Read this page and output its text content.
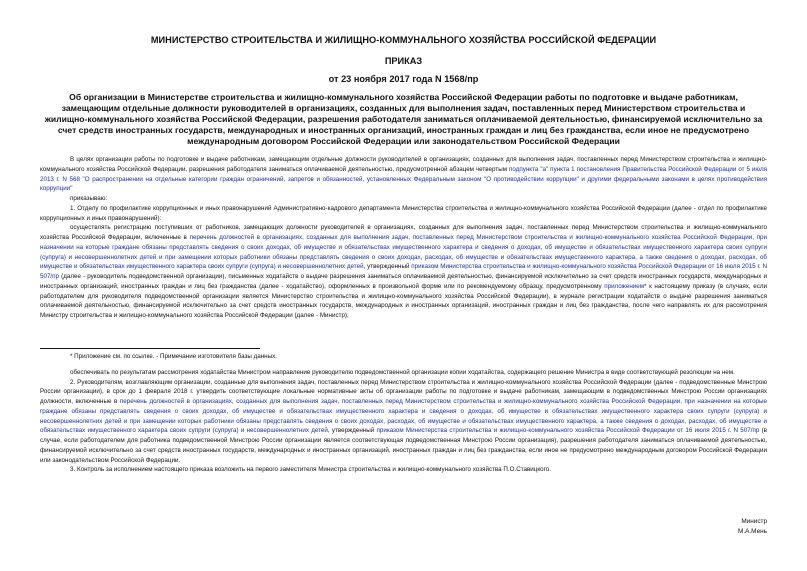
МИНИСТЕРСТВО СТРОИТЕЛЬСТВА И ЖИЛИЩНО-КОММУНАЛЬНОГО ХОЗЯЙСТВА РОССИЙСКОЙ ФЕДЕРАЦИИ
ПРИКАЗ
от 23 ноября 2017 года N 1568/пр
Об организации в Министерстве строительства и жилищно-коммунального хозяйства Российской Федерации работы по подготовке и выдаче работникам, замещающим отдельные должности руководителей в организациях, созданных для выполнения задач, поставленных перед Министерством строительства и жилищно-коммунального хозяйства Российской Федерации, разрешения работодателя заниматься оплачиваемой деятельностью, финансируемой исключительно за счет средств иностранных государств, международных и иностранных организаций, иностранных граждан и лиц без гражданства, если иное не предусмотрено международным договором Российской Федерации или законодательством Российской Федерации

В целях организации работы по подготовке и выдаче работникам, замещающим отдельные должности руководителей в организациях, созданных для выполнения задач, поставленных перед Министерством строительства и жилищно-коммунального хозяйства Российской Федерации, разрешения работодателя заниматься оплачиваемой деятельностью, предусмотренной абзацем четвертым подпункта "а" пункта 1 постановления Правительства Российской Федерации от 5 июля 2013 г. N 568 "О распространении на отдельные категории граждан ограничений, запретов и обязанностей, установленных Федеральным законом "О противодействии коррупции" и другими федеральными законами в целях противодействия коррупции"

приказываю:

1. Отделу по профилактике коррупционных и иных правонарушений Административно-кадрового департамента Министерства строительства и жилищно-коммунального хозяйства Российской Федерации (далее - отдел по профилактике коррупционных и иных правонарушений):

осуществлять регистрацию поступивших от работников, замещающих должности руководителей в организациях, созданных для выполнения задач, поставленных перед Министерством строительства и жилищно-коммунального хозяйства Российской Федерации, включенные в перечень должностей в организациях, созданных для выполнения задач, поставленных перед Министерством строительства и жилищно-коммунального хозяйства Российской Федерации, при назначении на которые граждане обязаны представлять сведения о своих доходах, об имуществе и обязательствах имущественного характера и сведения о доходах, об имуществе и обязательствах имущественного характера своих супруги (супруга) и несовершеннолетних детей и при замещении которых работники обязаны представлять сведения о своих доходах, расходах, об имуществе и обязательствах имущественного характера, а также сведения о доходах, расходах, об имуществе и обязательствах имущественного характера своих супруги (супруга) и несовершеннолетних детей, утвержденный приказом Министерства строительства и жилищно-коммунального хозяйства Российской Федерации от 16 июля 2015 г. N 507/пр (далее - руководитель подведомственной организации), письменных ходатайств о выдаче разрешения заниматься оплачиваемой деятельностью, финансируемой исключительно за счет средств иностранных государств, международных и иностранных организаций, иностранных граждан и лиц без гражданства (далее - ходатайство), оформленных в произвольной форме или по рекомендуемому образцу, предусмотренному приложением* к настоящему приказу (в случаях, если работодателем для руководителя подведомственной организации является Министерство строительства и жилищно-коммунального хозяйства Российской Федерации), в журнале регистрации ходатайств о выдаче разрешения заниматься оплачиваемой деятельностью, финансируемой исключительно за счет средств иностранных государств, международных и иностранных организаций, иностранных граждан и лиц без гражданства, после чего направлять их для рассмотрения Министру строительства и жилищно-коммунального хозяйства Российской Федерации (далее - Министр);

* Приложение см. по ссылке. - Примечание изготовителя базы данных.

обеспечивать по результатам рассмотрения ходатайства Министром направление руководителю подведомственной организации копии ходатайства, содержащего решение Министра в виде соответствующей резолюции на нем.

2. Руководителям, возглавляющим организации, созданные для выполнения задач, поставленных перед Министерством строительства и жилищно-коммунального хозяйства Российской Федерации (далее - подведомственные Минстрою России организации), в срок до 1 февраля 2018 г. утвердить соответствующие локальные нормативные акты об организации работы по подготовке и выдаче работникам, замещающим в подведомственных Минстрою России организациях должности, включенные в перечень должностей в организациях, созданных для выполнения задач, поставленных перед Министерством строительства и жилищно-коммунального хозяйства Российской Федерации, при назначении на которые граждане обязаны представлять сведения о своих доходах, об имуществе и обязательствах имущественного характера и сведения о доходах, об имуществе и обязательствах имущественного характера своих супруги (супруга) и несовершеннолетних детей и при замещении которых работники обязаны представлять сведения о своих доходах, расходах, об имуществе и обязательствах имущественного характера, а также сведения о доходах, расходах, об имуществе и обязательствах имущественного характера своих супруги (супруга) и несовершеннолетних детей, утвержденный приказом Министерства строительства и жилищно-коммунального хозяйства Российской Федерации от 16 июля 2015 г. N 507/пр (в случае, если работодателем для работника подведомственной Минстрою России организации является соответствующая подведомственная Минстрою России организация), разрешения работодателя заниматься оплачиваемой деятельностью, финансируемой исключительно за счет средств иностранных государств, международных и иностранных организаций, иностранных граждан и лиц без гражданства, если иное не предусмотрено международным договором Российской Федерации или законодательством Российской Федерации.

3. Контроль за исполнением настоящего приказа возложить на первого заместителя Министра строительства и жилищно-коммунального хозяйства П.О.Ставицкого.

Министр
М.А.Мень
